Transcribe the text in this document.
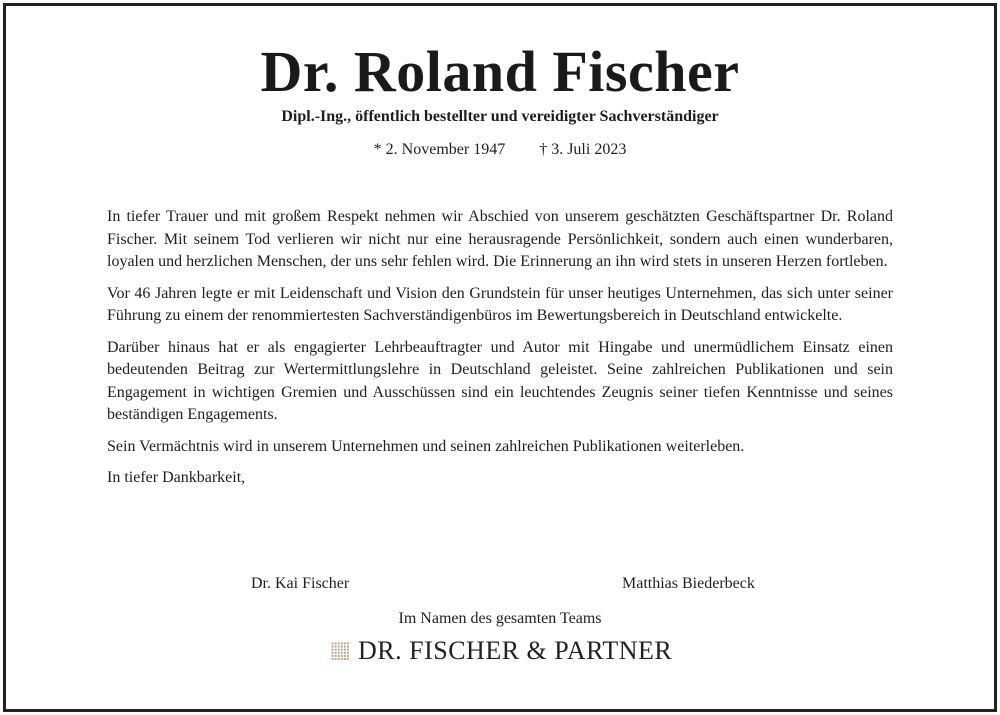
Dr. Roland Fischer
Dipl.-Ing., öffentlich bestellter und vereidigter Sachverständiger
* 2. November 1947 † 3. Juli 2023

In tiefer Trauer und mit großem Respekt nehmen wir Abschied von unserem geschätzten Geschäftspartner Dr. Roland Fischer. Mit seinem Tod verlieren wir nicht nur eine herausragende Persönlichkeit, sondern auch einen wunderbaren, loyalen und herzlichen Menschen, der uns sehr fehlen wird. Die Erinnerung an ihn wird stets in unseren Herzen fortleben.

Vor 46 Jahren legte er mit Leidenschaft und Vision den Grundstein für unser heutiges Unternehmen, das sich unter seiner Führung zu einem der renommiertesten Sachverständigenbüros im Bewertungsbereich in Deutschland entwickelte.

Darüber hinaus hat er als engagierter Lehrbeauftragter und Autor mit Hingabe und unermüdlichem Einsatz einen bedeutenden Beitrag zur Wertermittlungslehre in Deutschland geleistet. Seine zahlreichen Publikationen und sein Engagement in wichtigen Gremien und Ausschüssen sind ein leuchtendes Zeugnis seiner tiefen Kenntnisse und seines beständigen Engagements.

Sein Vermächtnis wird in unserem Unternehmen und seinen zahlreichen Publikationen weiterleben.

In tiefer Dankbarkeit,

Dr. Kai Fischer	Matthias Biederbeck
Im Namen des gesamten Teams
DR. FISCHER & PARTNER
